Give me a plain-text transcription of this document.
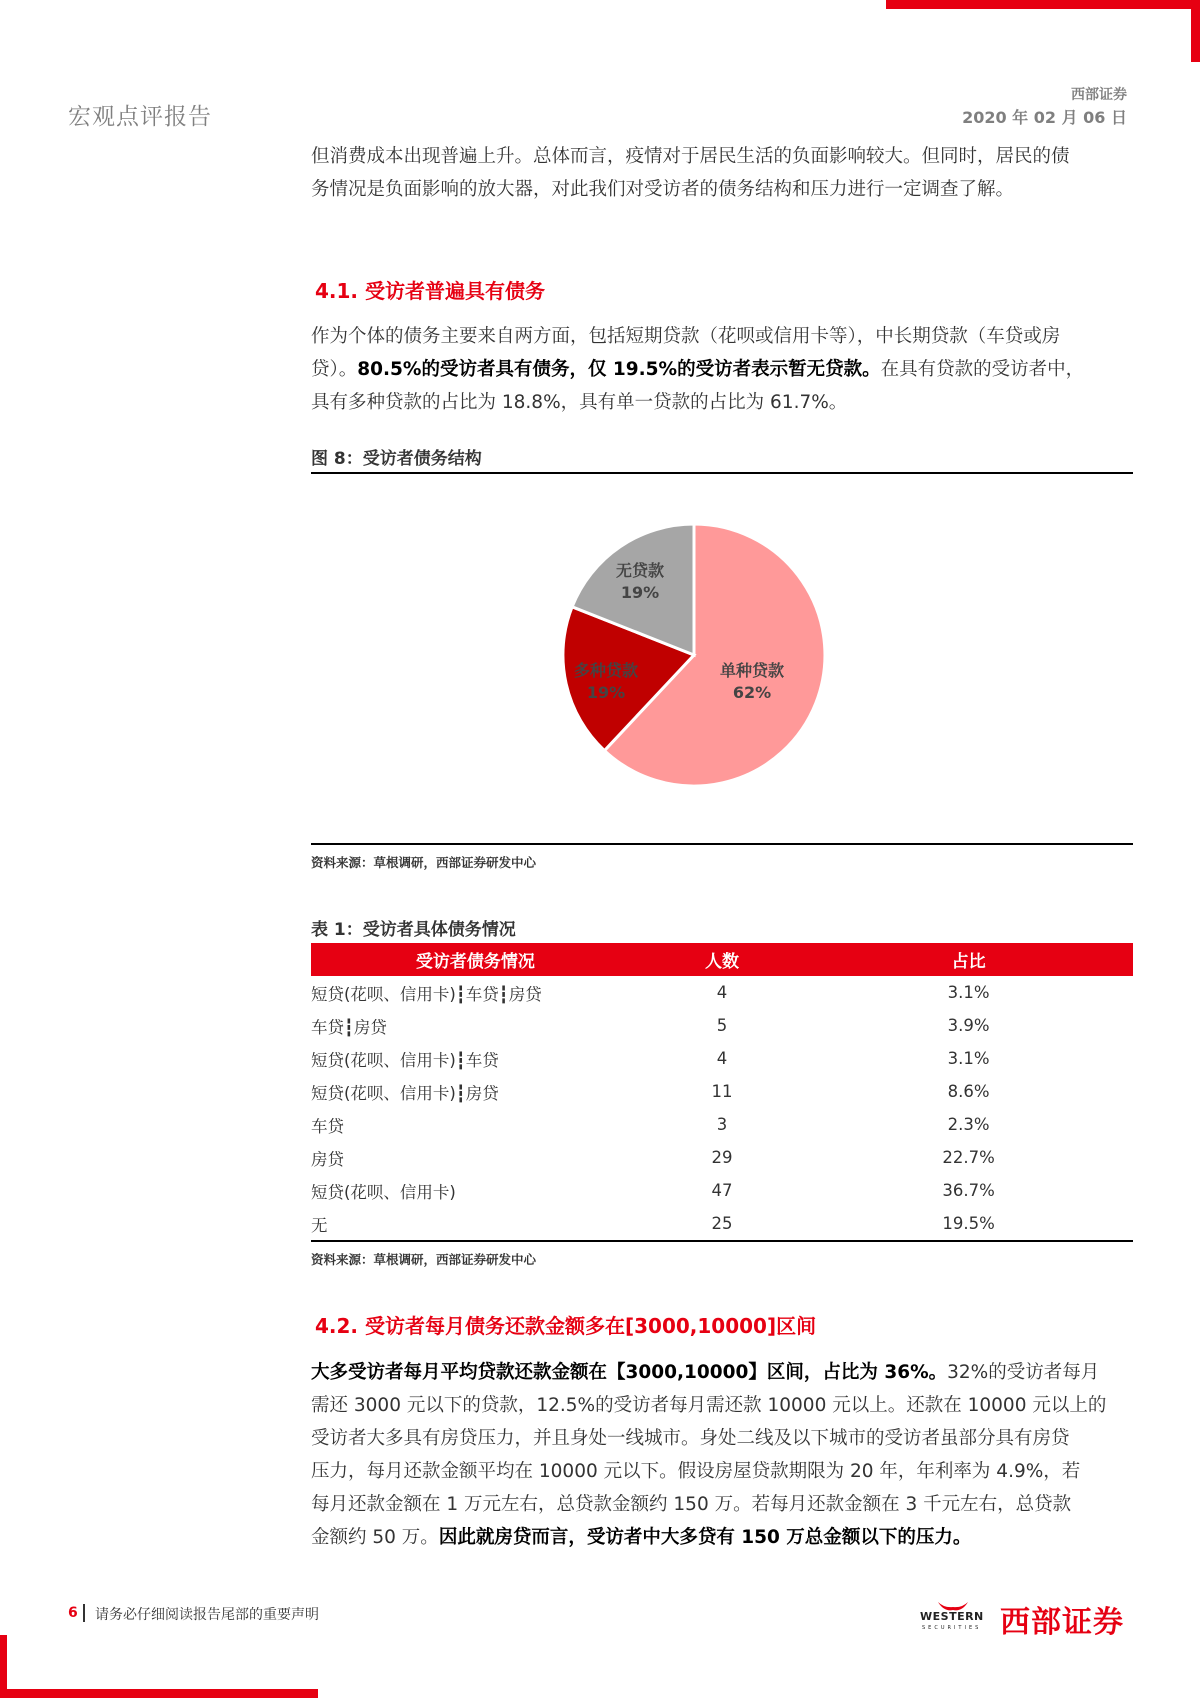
宏观点评报告
西部证券
2020 年 02 月 06 日
但消费成本出现普遍上升。总体而言，疫情对于居民生活的负面影响较大。但同时，居民的债
务情况是负面影响的放大器，对此我们对受访者的债务结构和压力进行一定调查了解。
4.1. 受访者普遍具有债务
作为个体的债务主要来自两方面，包括短期贷款（花呗或信用卡等），中长期贷款（车贷或房
贷）。80.5%的受访者具有债务，仅 19.5%的受访者表示暂无贷款。在具有贷款的受访者中，
具有多种贷款的占比为 18.8%，具有单一贷款的占比为 61.7%。
图 8：受访者债务结构
无贷款
19%
多种贷款
19%
单种贷款
62%
资料来源：草根调研，西部证券研发中心
表 1：受访者具体债务情况
受访者债务情况	人数	占比
短贷(花呗、信用卡)┇车贷┇房贷	4	3.1%
车贷┇房贷	5	3.9%
短贷(花呗、信用卡)┇车贷	4	3.1%
短贷(花呗、信用卡)┇房贷	11	8.6%
车贷	3	2.3%
房贷	29	22.7%
短贷(花呗、信用卡)	47	36.7%
无	25	19.5%
资料来源：草根调研，西部证券研发中心
4.2. 受访者每月债务还款金额多在[3000,10000]区间
大多受访者每月平均贷款还款金额在【3000,10000】区间，占比为 36%。32%的受访者每月
需还 3000 元以下的贷款，12.5%的受访者每月需还款 10000 元以上。还款在 10000 元以上的
受访者大多具有房贷压力，并且身处一线城市。身处二线及以下城市的受访者虽部分具有房贷
压力，每月还款金额平均在 10000 元以下。假设房屋贷款期限为 20 年，年利率为 4.9%，若
每月还款金额在 1 万元左右，总贷款金额约 150 万。若每月还款金额在 3 千元左右，总贷款
金额约 50 万。因此就房贷而言，受访者中大多贷有 150 万总金额以下的压力。
6 请务必仔细阅读报告尾部的重要声明	WESTERN
SECURITIES 西部证券
